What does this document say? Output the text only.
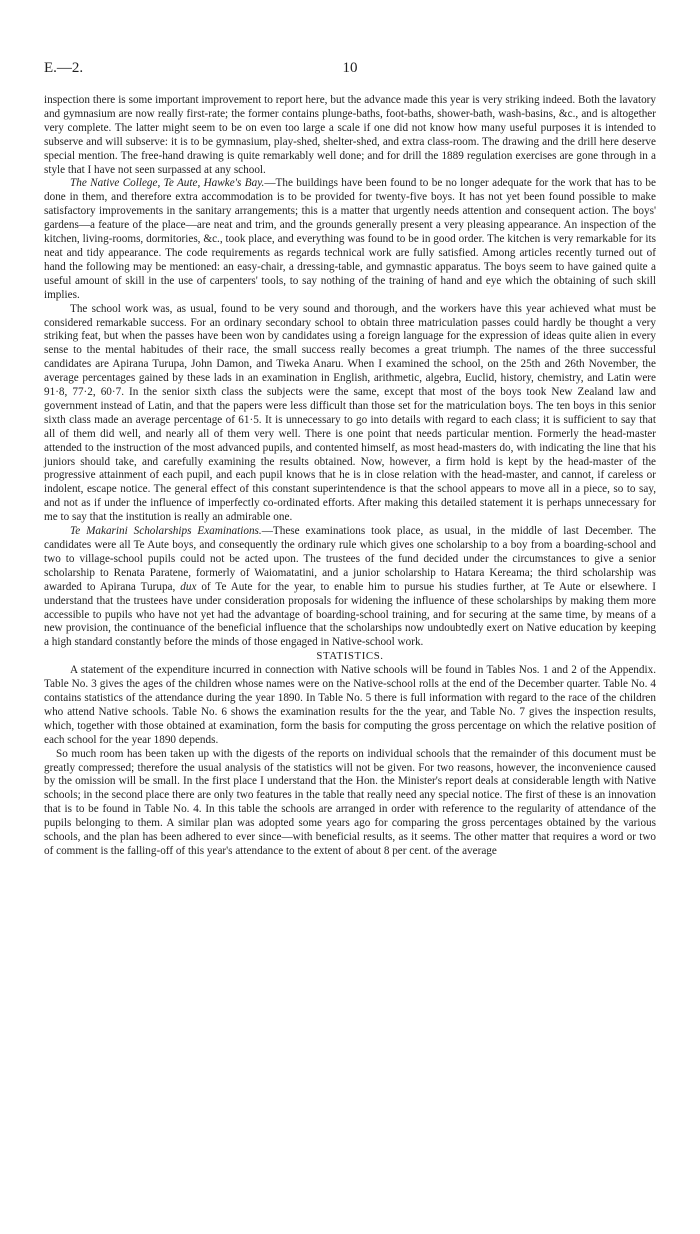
E.—2.	10

inspection there is some important improvement to report here, but the advance made this year is very striking indeed. Both the lavatory and gymnasium are now really first-rate; the former contains plunge-baths, foot-baths, shower-bath, wash-basins, &c., and is altogether very complete. The latter might seem to be on even too large a scale if one did not know how many useful purposes it is intended to subserve and will subserve: it is to be gymnasium, play-shed, shelter-shed, and extra class-room. The drawing and the drill here deserve special mention. The free-hand drawing is quite remarkably well done; and for drill the 1889 regulation exercises are gone through in a style that I have not seen surpassed at any school.

The Native College, Te Aute, Hawke's Bay.—The buildings have been found to be no longer adequate for the work that has to be done in them, and therefore extra accommodation is to be provided for twenty-five boys. It has not yet been found possible to make satisfactory improvements in the sanitary arrangements; this is a matter that urgently needs attention and consequent action. The boys' gardens—a feature of the place—are neat and trim, and the grounds generally present a very pleasing appearance. An inspection of the kitchen, living-rooms, dormitories, &c., took place, and everything was found to be in good order. The kitchen is very remarkable for its neat and tidy appearance. The code requirements as regards technical work are fully satisfied. Among articles recently turned out of hand the following may be mentioned: an easy-chair, a dressing-table, and gymnastic apparatus. The boys seem to have gained quite a useful amount of skill in the use of carpenters' tools, to say nothing of the training of hand and eye which the obtaining of such skill implies.

The school work was, as usual, found to be very sound and thorough, and the workers have this year achieved what must be considered remarkable success. For an ordinary secondary school to obtain three matriculation passes could hardly be thought a very striking feat, but when the passes have been won by candidates using a foreign language for the expression of ideas quite alien in every sense to the mental habitudes of their race, the small success really becomes a great triumph. The names of the three successful candidates are Apirana Turupa, John Damon, and Tiweka Anaru. When I examined the school, on the 25th and 26th November, the average percentages gained by these lads in an examination in English, arithmetic, algebra, Euclid, history, chemistry, and Latin were 91·8, 77·2, 60·7. In the senior sixth class the subjects were the same, except that most of the boys took New Zealand law and government instead of Latin, and that the papers were less difficult than those set for the matriculation boys. The ten boys in this senior sixth class made an average percentage of 61·5. It is unnecessary to go into details with regard to each class; it is sufficient to say that all of them did well, and nearly all of them very well. There is one point that needs particular mention. Formerly the head-master attended to the instruction of the most advanced pupils, and contented himself, as most head-masters do, with indicating the line that his juniors should take, and carefully examining the results obtained. Now, however, a firm hold is kept by the head-master of the progressive attainment of each pupil, and each pupil knows that he is in close relation with the head-master, and cannot, if careless or indolent, escape notice. The general effect of this constant superintendence is that the school appears to move all in a piece, so to say, and not as if under the influence of imperfectly co-ordinated efforts. After making this detailed statement it is perhaps unnecessary for me to say that the institution is really an admirable one.

Te Makarini Scholarships Examinations.—These examinations took place, as usual, in the middle of last December. The candidates were all Te Aute boys, and consequently the ordinary rule which gives one scholarship to a boy from a boarding-school and two to village-school pupils could not be acted upon. The trustees of the fund decided under the circumstances to give a senior scholarship to Renata Paratene, formerly of Waiomatatini, and a junior scholarship to Hatara Kereama; the third scholarship was awarded to Apirana Turupa, dux of Te Aute for the year, to enable him to pursue his studies further, at Te Aute or elsewhere. I understand that the trustees have under consideration proposals for widening the influence of these scholarships by making them more accessible to pupils who have not yet had the advantage of boarding-school training, and for securing at the same time, by means of a new provision, the continuance of the beneficial influence that the scholarships now undoubtedly exert on Native education by keeping a high standard constantly before the minds of those engaged in Native-school work.

STATISTICS.

A statement of the expenditure incurred in connection with Native schools will be found in Tables Nos. 1 and 2 of the Appendix. Table No. 3 gives the ages of the children whose names were on the Native-school rolls at the end of the December quarter. Table No. 4 contains statistics of the attendance during the year 1890. In Table No. 5 there is full information with regard to the race of the children who attend Native schools. Table No. 6 shows the examination results for the the year, and Table No. 7 gives the inspection results, which, together with those obtained at examination, form the basis for computing the gross percentage on which the relative position of each school for the year 1890 depends.

So much room has been taken up with the digests of the reports on individual schools that the remainder of this document must be greatly compressed; therefore the usual analysis of the statistics will not be given. For two reasons, however, the inconvenience caused by the omission will be small. In the first place I understand that the Hon. the Minister's report deals at considerable length with Native schools; in the second place there are only two features in the table that really need any special notice. The first of these is an innovation that is to be found in Table No. 4. In this table the schools are arranged in order with reference to the regularity of attendance of the pupils belonging to them. A similar plan was adopted some years ago for comparing the gross percentages obtained by the various schools, and the plan has been adhered to ever since—with beneficial results, as it seems. The other matter that requires a word or two of comment is the falling-off of this year's attendance to the extent of about 8 per cent. of the average
